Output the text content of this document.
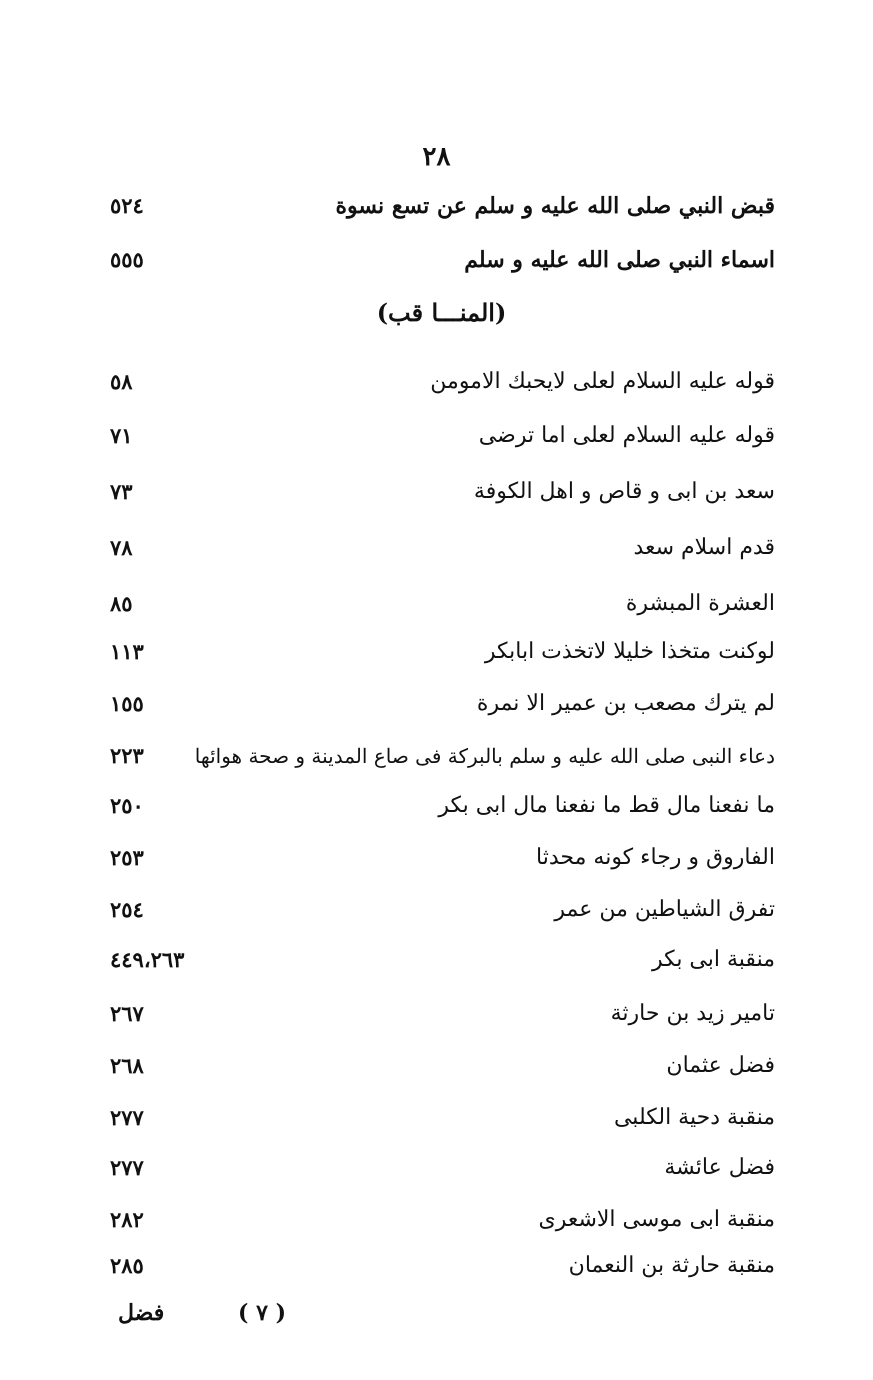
٢٨
قبض النبي صلى الله عليه و سلم عن تسع نسوة
٥٢٤
اسماء النبي صلى الله عليه و سلم
٥٥٥
(المنـــا قب)
قوله عليه السلام لعلى لايحبك الامومن
٥٨
قوله عليه السلام لعلى اما ترضى
٧١
سعد بن ابى و قاص و اهل الكوفة
٧٣
قدم اسلام سعد
٧٨
العشرة المبشرة
٨٥
لوكنت متخذا خليلا لاتخذت ابابكر
١١٣
لم يترك مصعب بن عمير الا نمرة
١٥٥
دعاء النبى صلى الله عليه و سلم بالبركة فى صاع المدينة و صحة هوائها
٢٢٣
ما نفعنا مال قط ما نفعنا مال ابى بكر
٢٥٠
الفاروق و رجاء كونه محدثا
٢٥٣
تفرق الشياطين من عمر
٢٥٤
منقبة ابى بكر
٤٤٩،٢٦٣
تامير زيد بن حارثة
٢٦٧
فضل عثمان
٢٦٨
منقبة دحية الكلبى
٢٧٧
فضل عائشة
٢٧٧
منقبة ابى موسى الاشعرى
٢٨٢
منقبة حارثة بن النعمان
٢٨٥
( ٧ )
فضل
